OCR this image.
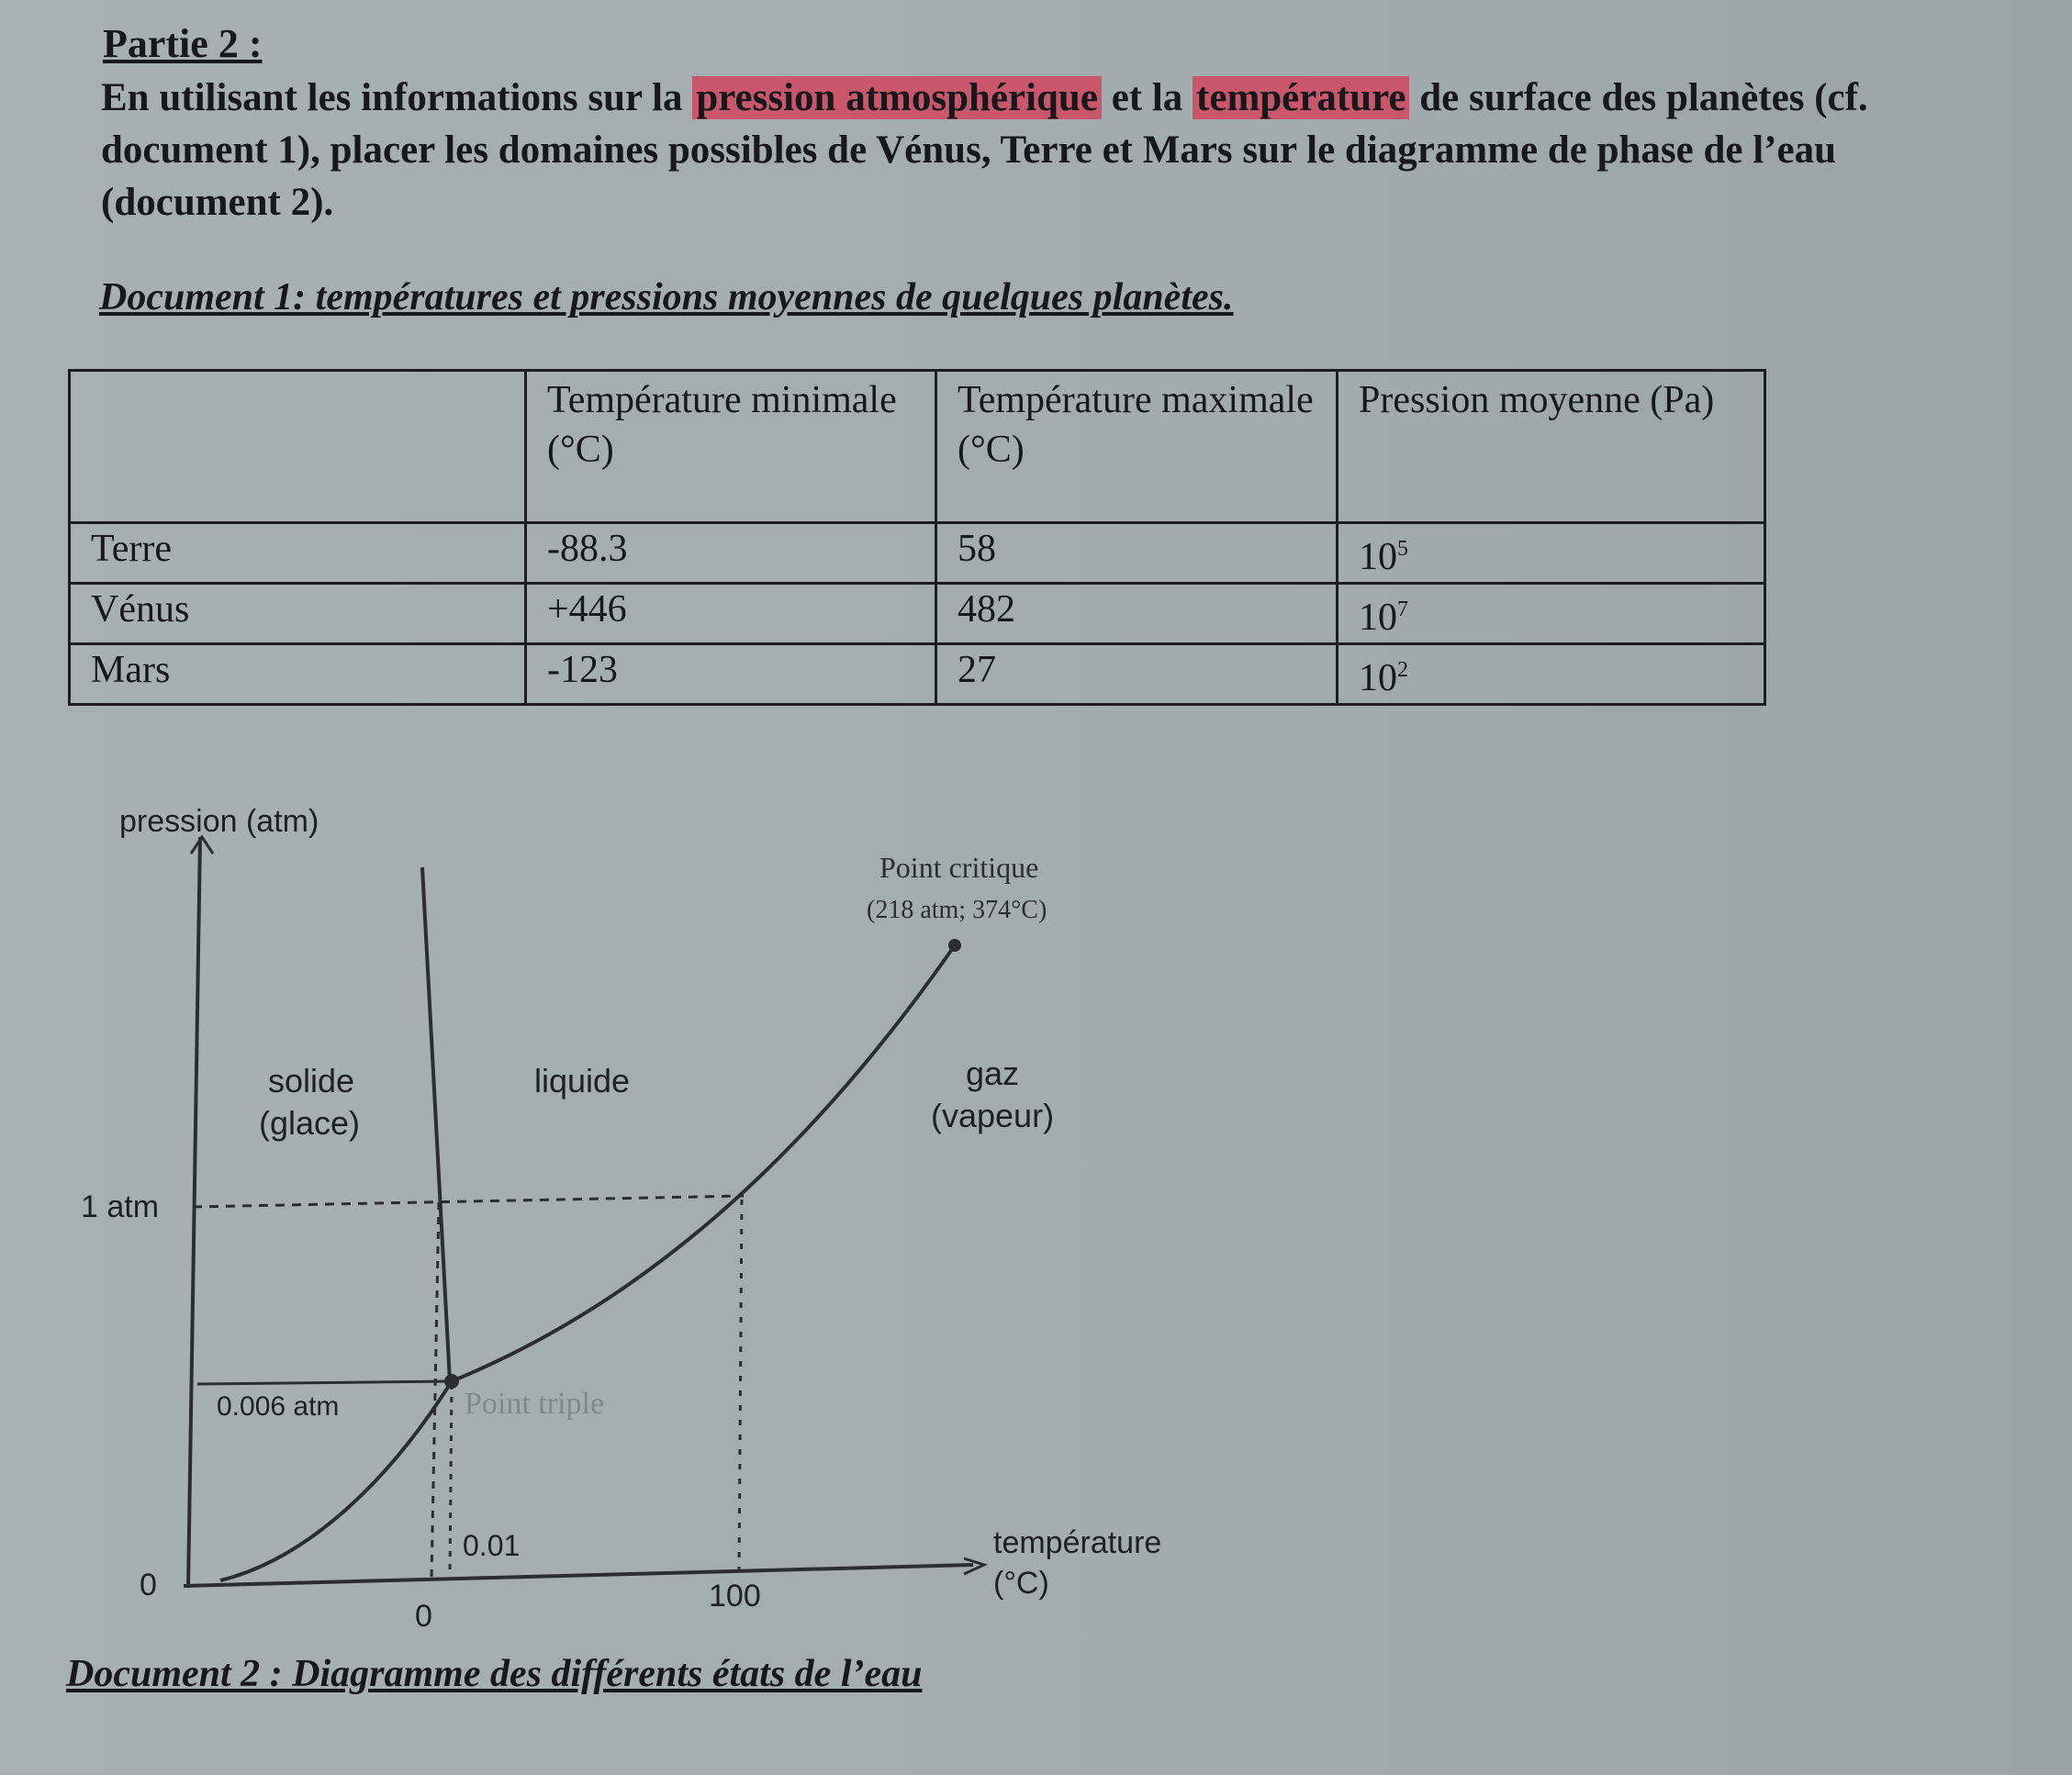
Partie 2 :
En utilisant les informations sur la pression atmosphérique et la température de surface des planètes (cf. document 1), placer les domaines possibles de Vénus, Terre et Mars sur le diagramme de phase de l’eau (document 2).
Document 1: températures et pressions moyennes de quelques planètes.
	Température minimale (°C)	Température maximale (°C)	Pression moyenne (Pa)
Terre	-88.3	58	$10^5$
Vénus	+446	482	$10^7$
Mars	-123	27	$10^2$
pression (atm)
température
(°C)
1 atm
0.006 atm
0
0
0.01
100
solide
(glace)
liquide	gaz
(vapeur)
Point critique
(218 atm; 374°C)
Point triple
Document 2 : Diagramme des différents états de l’eau
